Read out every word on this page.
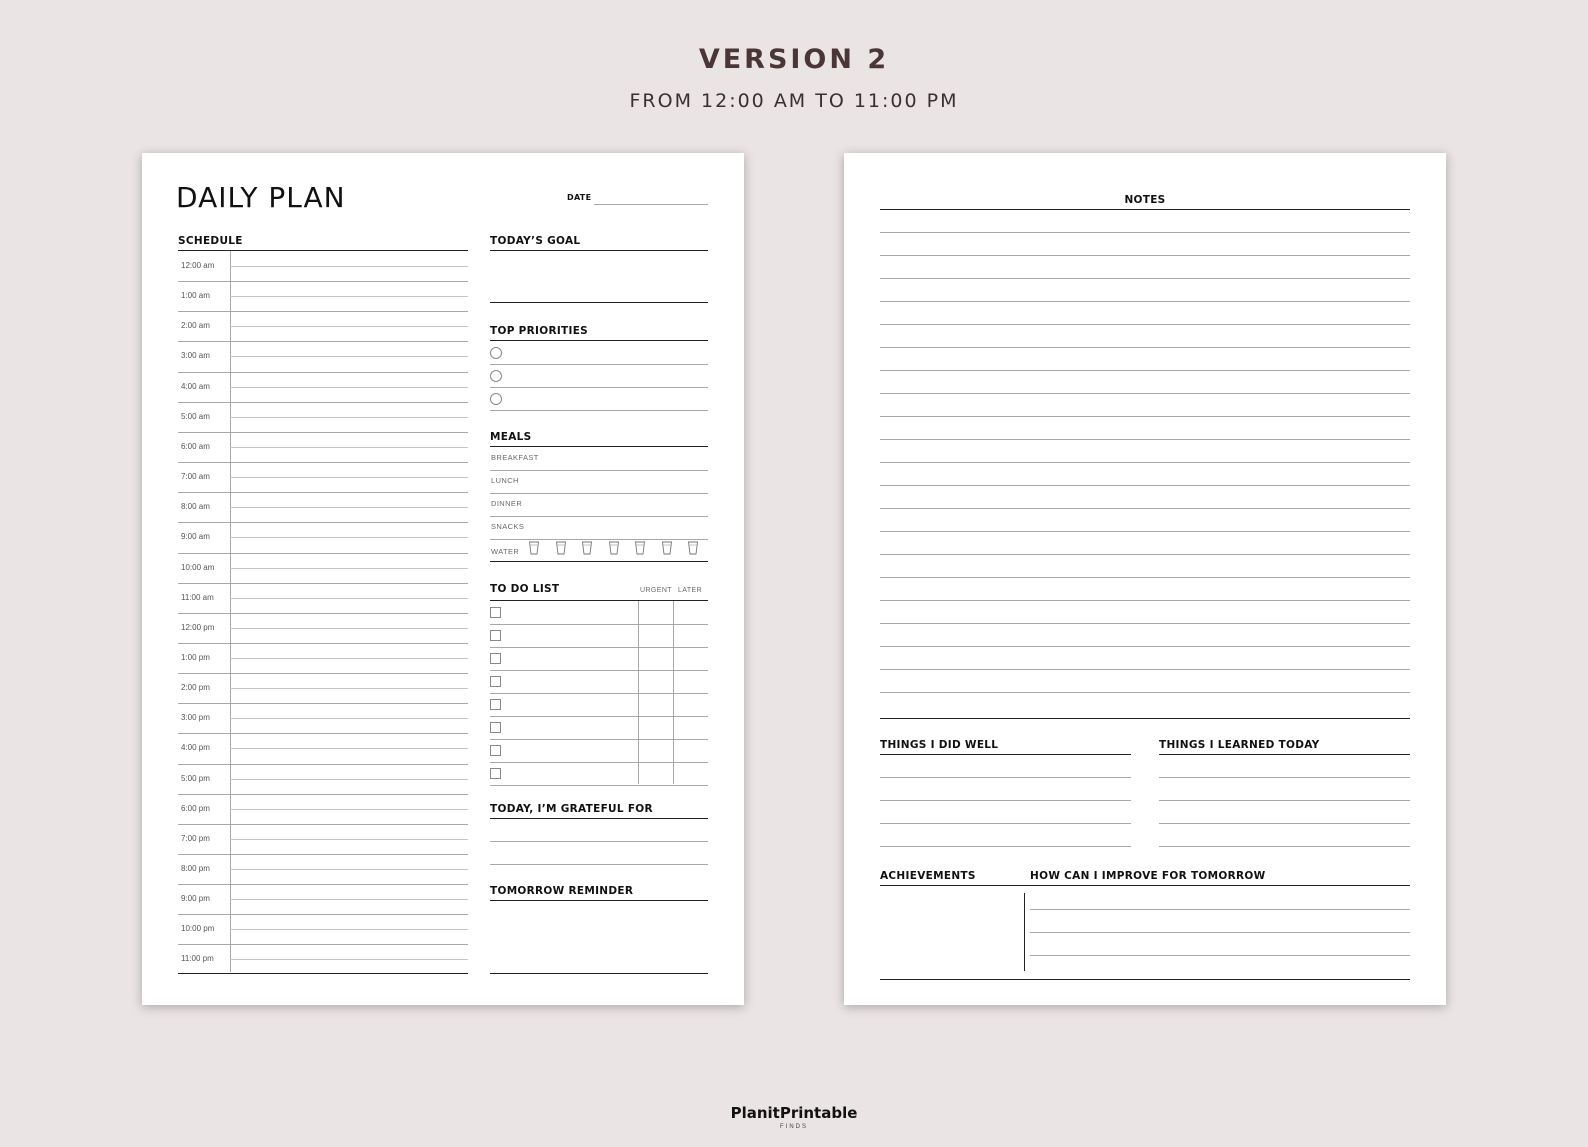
VERSION 2
FROM 12:00 AM TO 11:00 PM
DAILY PLAN	DATE
SCHEDULE
12:00 am
1:00 am
2:00 am
3:00 am
4:00 am
5:00 am
6:00 am
7:00 am
8:00 am
9:00 am
10:00 am
11:00 am
12:00 pm
1:00 pm
2:00 pm
3:00 pm
4:00 pm
5:00 pm
6:00 pm
7:00 pm
8:00 pm
9:00 pm
10:00 pm
11:00 pm
TODAY’S GOAL
TOP PRIORITIES
MEALS
BREAKFAST
LUNCH
DINNER
SNACKS
WATER
TO DO LIST	URGENT LATER
TODAY, I’M GRATEFUL FOR
TOMORROW REMINDER
NOTES
THINGS I DID WELL	THINGS I LEARNED TODAY
ACHIEVEMENTS	HOW CAN I IMPROVE FOR TOMORROW
PlanitPrintable
FINDS
